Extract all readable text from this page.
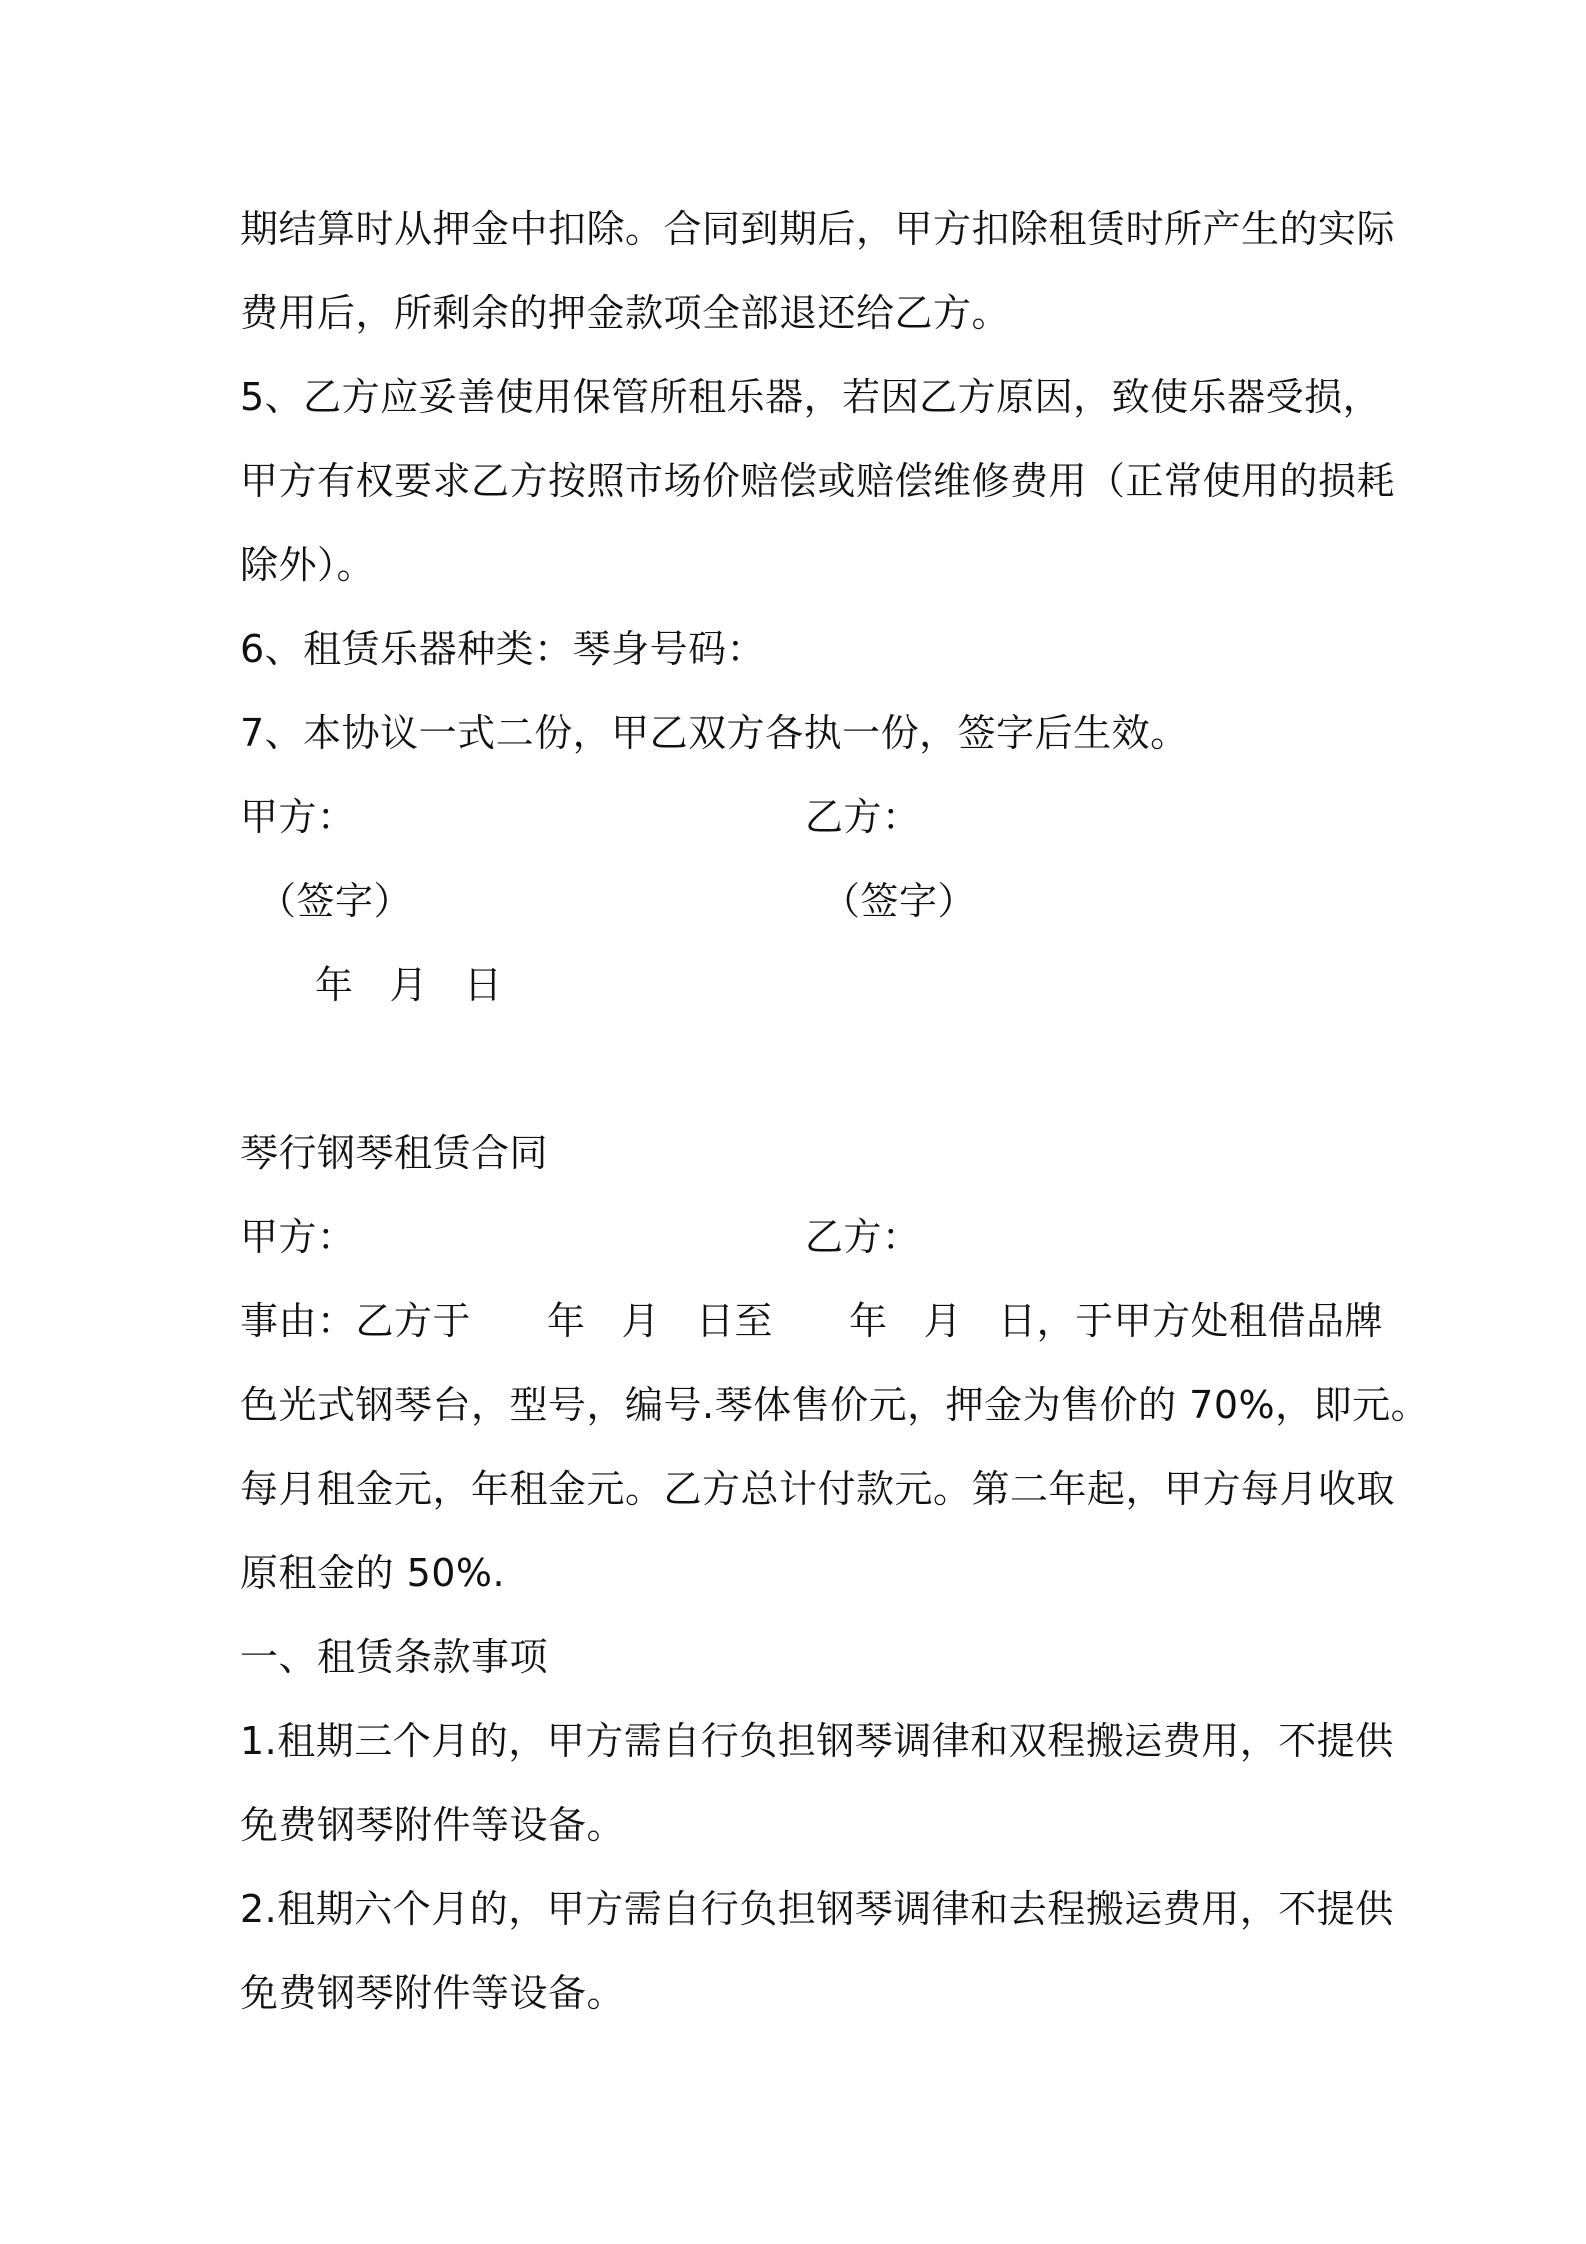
期结算时从押金中扣除。合同到期后，甲方扣除租赁时所产生的实际
费用后，所剩余的押金款项全部退还给乙方。
5、乙方应妥善使用保管所租乐器，若因乙方原因，致使乐器受损，
甲方有权要求乙方按照市场价赔偿或赔偿维修费用（正常使用的损耗
除外）。
6、租赁乐器种类：琴身号码：
7、本协议一式二份，甲乙双方各执一份，签字后生效。
甲方：	乙方：
（签字）	（签字）
年 月 日
琴行钢琴租赁合同
甲方：	乙方：
事由：乙方于 年 月 日至 年 月 日，于甲方处租借品牌
色光式钢琴台，型号，编号.琴体售价元，押金为售价的 70%，即元。
每月租金元，年租金元。乙方总计付款元。第二年起，甲方每月收取
原租金的 50%.
一、租赁条款事项
1.租期三个月的，甲方需自行负担钢琴调律和双程搬运费用，不提供
免费钢琴附件等设备。
2.租期六个月的，甲方需自行负担钢琴调律和去程搬运费用，不提供
免费钢琴附件等设备。
